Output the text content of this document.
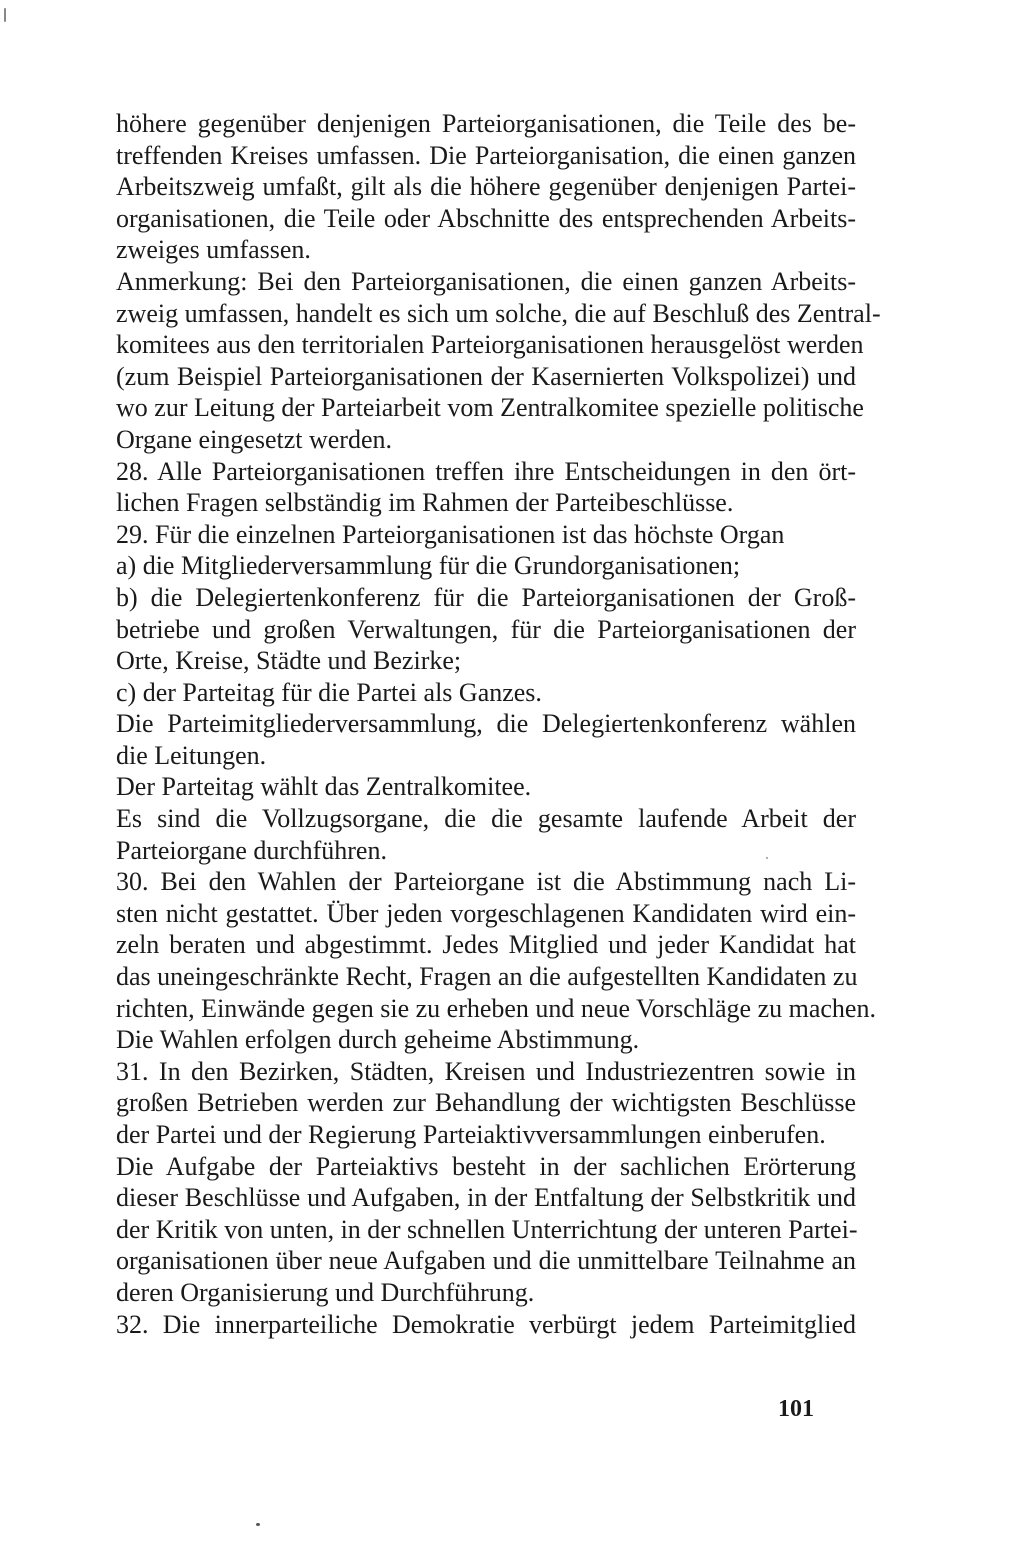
höhere gegenüber denjenigen Parteiorganisationen, die Teile des be-
treffenden Kreises umfassen. Die Parteiorganisation, die einen ganzen
Arbeitszweig umfaßt, gilt als die höhere gegenüber denjenigen Partei-
organisationen, die Teile oder Abschnitte des entsprechenden Arbeits-
zweiges umfassen.
Anmerkung: Bei den Parteiorganisationen, die einen ganzen Arbeits-
zweig umfassen, handelt es sich um solche, die auf Beschluß des Zentral-
komitees aus den territorialen Parteiorganisationen herausgelöst werden
(zum Beispiel Parteiorganisationen der Kasernierten Volkspolizei) und
wo zur Leitung der Parteiarbeit vom Zentralkomitee spezielle politische
Organe eingesetzt werden.
28. Alle Parteiorganisationen treffen ihre Entscheidungen in den ört-
lichen Fragen selbständig im Rahmen der Parteibeschlüsse.
29. Für die einzelnen Parteiorganisationen ist das höchste Organ
a) die Mitgliederversammlung für die Grundorganisationen;
b) die Delegiertenkonferenz für die Parteiorganisationen der Groß-
betriebe und großen Verwaltungen, für die Parteiorganisationen der
Orte, Kreise, Städte und Bezirke;
c) der Parteitag für die Partei als Ganzes.
Die Parteimitgliederversammlung, die Delegiertenkonferenz wählen
die Leitungen.
Der Parteitag wählt das Zentralkomitee.
Es sind die Vollzugsorgane, die die gesamte laufende Arbeit der
Parteiorgane durchführen.
30. Bei den Wahlen der Parteiorgane ist die Abstimmung nach Li-
sten nicht gestattet. Über jeden vorgeschlagenen Kandidaten wird ein-
zeln beraten und abgestimmt. Jedes Mitglied und jeder Kandidat hat
das uneingeschränkte Recht, Fragen an die aufgestellten Kandidaten zu
richten, Einwände gegen sie zu erheben und neue Vorschläge zu machen.
Die Wahlen erfolgen durch geheime Abstimmung.
31. In den Bezirken, Städten, Kreisen und Industriezentren sowie in
großen Betrieben werden zur Behandlung der wichtigsten Beschlüsse
der Partei und der Regierung Parteiaktivversammlungen einberufen.
Die Aufgabe der Parteiaktivs besteht in der sachlichen Erörterung
dieser Beschlüsse und Aufgaben, in der Entfaltung der Selbstkritik und
der Kritik von unten, in der schnellen Unterrichtung der unteren Partei-
organisationen über neue Aufgaben und die unmittelbare Teilnahme an
deren Organisierung und Durchführung.
32. Die innerparteiliche Demokratie verbürgt jedem Parteimitglied
101
